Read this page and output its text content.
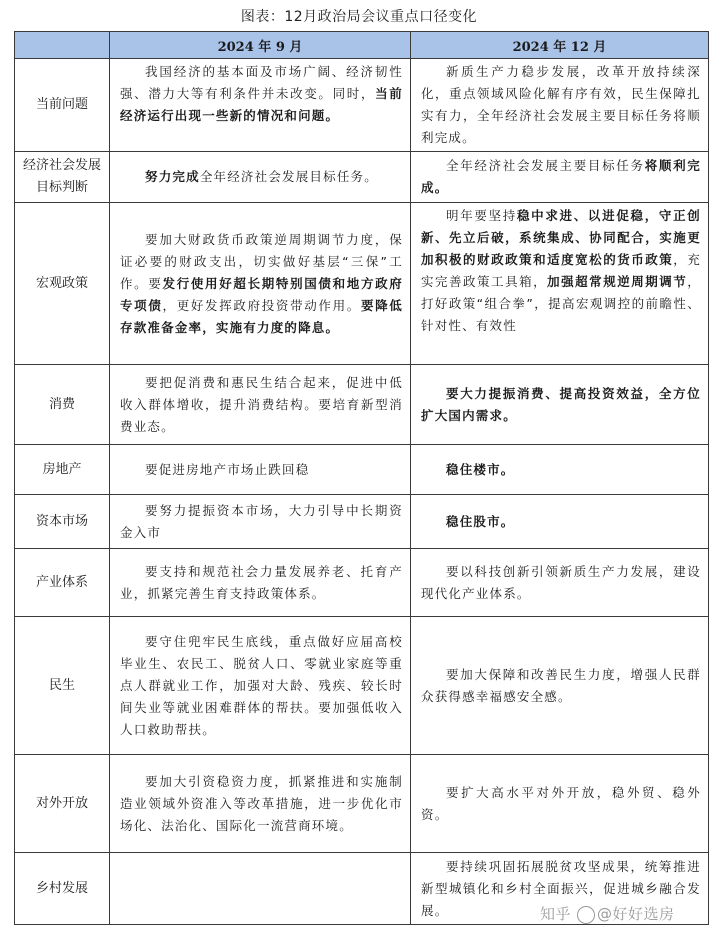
图表：12月政治局会议重点口径变化
	2024 年 9 月	2024 年 12 月
当前问题	我国经济的基本面及市场广阔、经济韧性强、潜力大等有利条件并未改变。同时，当前经济运行出现一些新的情况和问题。	新质生产力稳步发展，改革开放持续深化，重点领域风险化解有序有效，民生保障扎实有力，全年经济社会发展主要目标任务将顺利完成。

经济社会发展目标判断	努力完成全年经济社会发展目标任务。	全年经济社会发展主要目标任务将顺利完成。

宏观政策	要加大财政货币政策逆周期调节力度，保证必要的财政支出，切实做好基层“三保”工作。要发行使用好超长期特别国债和地方政府专项债，更好发挥政府投资带动作用。要降低存款准备金率，实施有力度的降息。	明年要坚持稳中求进、以进促稳，守正创新、先立后破，系统集成、协同配合，实施更加积极的财政政策和适度宽松的货币政策，充实完善政策工具箱，加强超常规逆周期调节，打好政策“组合拳”，提高宏观调控的前瞻性、针对性、有效性

消费	要把促消费和惠民生结合起来，促进中低收入群体增收，提升消费结构。要培育新型消费业态。	要大力提振消费、提高投资效益，全方位扩大国内需求。

房地产	要促进房地产市场止跌回稳	稳住楼市。

资本市场	要努力提振资本市场，大力引导中长期资金入市	稳住股市。

产业体系	要支持和规范社会力量发展养老、托育产业，抓紧完善生育支持政策体系。	要以科技创新引领新质生产力发展，建设现代化产业体系。

民生	要守住兜牢民生底线，重点做好应届高校毕业生、农民工、脱贫人口、零就业家庭等重点人群就业工作，加强对大龄、残疾、较长时间失业等就业困难群体的帮扶。要加强低收入人口救助帮扶。	要加大保障和改善民生力度，增强人民群众获得感幸福感安全感。

对外开放	要加大引资稳资力度，抓紧推进和实施制造业领域外资准入等改革措施，进一步优化市场化、法治化、国际化一流营商环境。	要扩大高水平对外开放，稳外贸、稳外资。

乡村发展		要持续巩固拓展脱贫攻坚成果，统筹推进新型城镇化和乡村全面振兴，促进城乡融合发展。	知乎 @好好选房
